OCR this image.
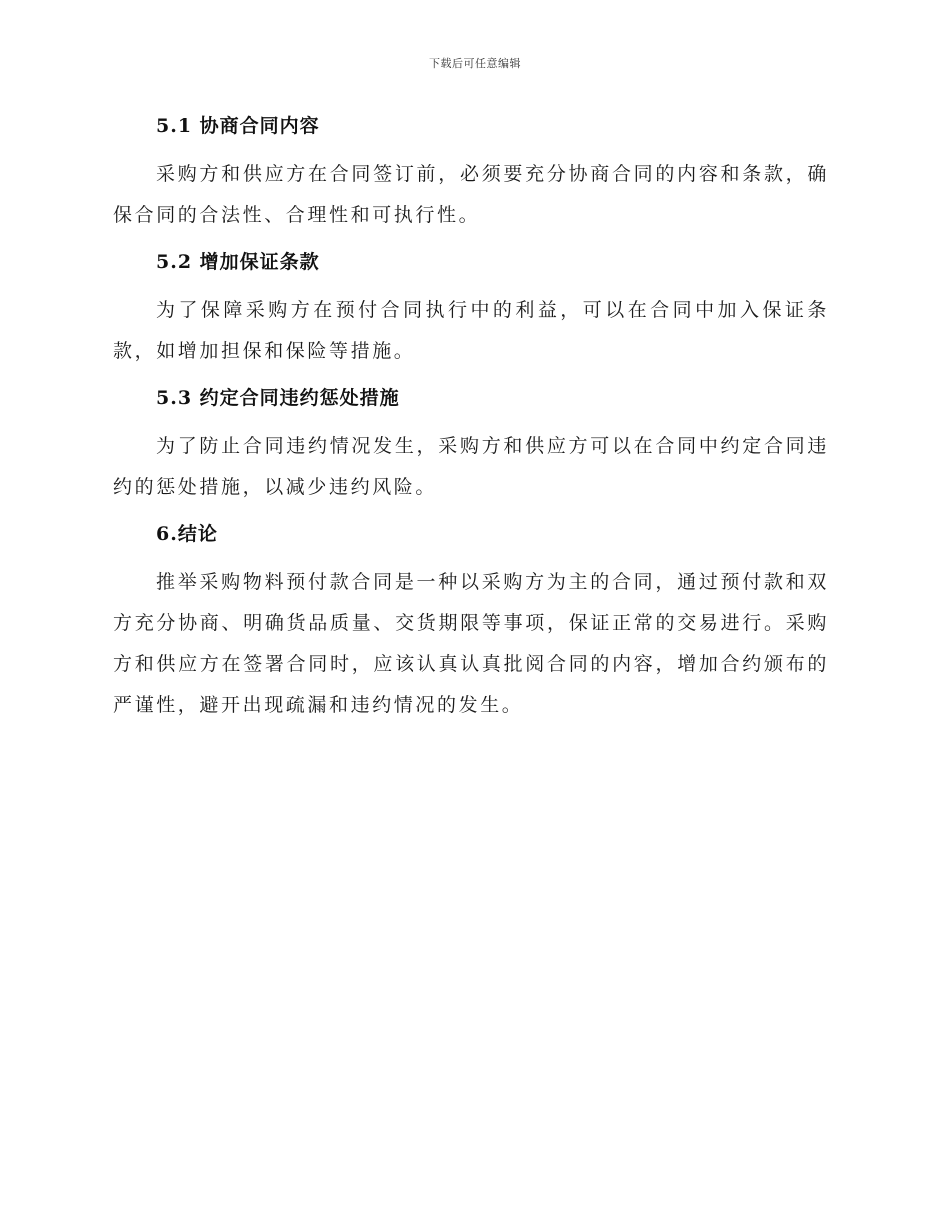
下载后可任意编辑
5.1 协商合同内容

采购方和供应方在合同签订前，必须要充分协商合同的内容和条款，确保合同的合法性、合理性和可执行性。

5.2 增加保证条款

为了保障采购方在预付合同执行中的利益，可以在合同中加入保证条款，如增加担保和保险等措施。

5.3 约定合同违约惩处措施

为了防止合同违约情况发生，采购方和供应方可以在合同中约定合同违约的惩处措施，以减少违约风险。

6.结论

推举采购物料预付款合同是一种以采购方为主的合同，通过预付款和双方充分协商、明确货品质量、交货期限等事项，保证正常的交易进行。采购方和供应方在签署合同时，应该认真认真批阅合同的内容，增加合约颁布的严谨性，避开出现疏漏和违约情况的发生。
